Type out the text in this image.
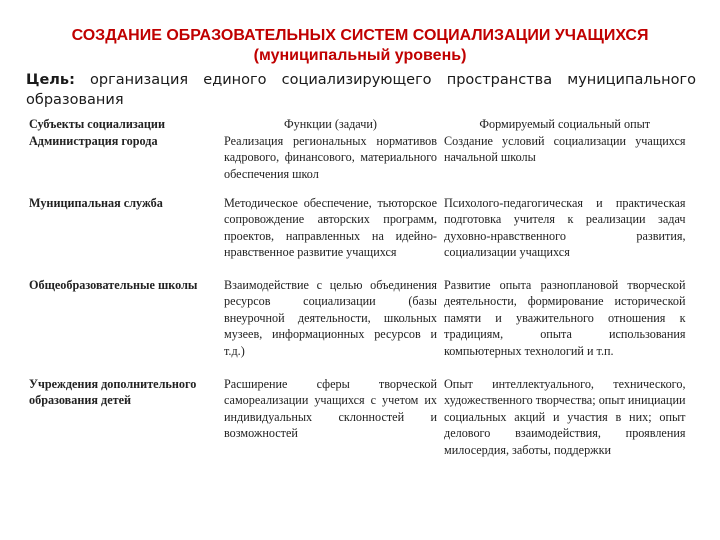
СОЗДАНИЕ ОБРАЗОВАТЕЛЬНЫХ СИСТЕМ СОЦИАЛИЗАЦИИ УЧАЩИХСЯ
(муниципальный уровень)
Цель: организация единого социализирующего пространства муниципального образования
Субъекты социализации	Функции (задачи)	Формируемый социальный опыт
Администрация города	Реализация региональных нормативов кадрового, финансового, материального обеспечения школ	Создание условий социализации учащихся начальной школы
Муниципальная служба	Методическое обеспечение, тьюторское сопровождение авторских программ, проектов, направленных на идейно-нравственное развитие учащихся	Психолого-педагогическая и практическая подготовка учителя к реализации задач духовно-нравственного развития, социализации учащихся
Общеобразовательные школы	Взаимодействие с целью объединения ресурсов социализации (базы внеурочной деятельности, школьных музеев, информационных ресурсов и т.д.)	Развитие опыта разноплановой творческой деятельности, формирование исторической памяти и уважительного отношения к традициям, опыта использования компьютерных технологий и т.п.
Учреждения дополнительного образования детей	Расширение сферы творческой самореализации учащихся с учетом их индивидуальных склонностей и возможностей	Опыт интеллектуального, технического, художественного творчества; опыт инициации социальных акций и участия в них; опыт делового взаимодействия, проявления милосердия, заботы, поддержки
